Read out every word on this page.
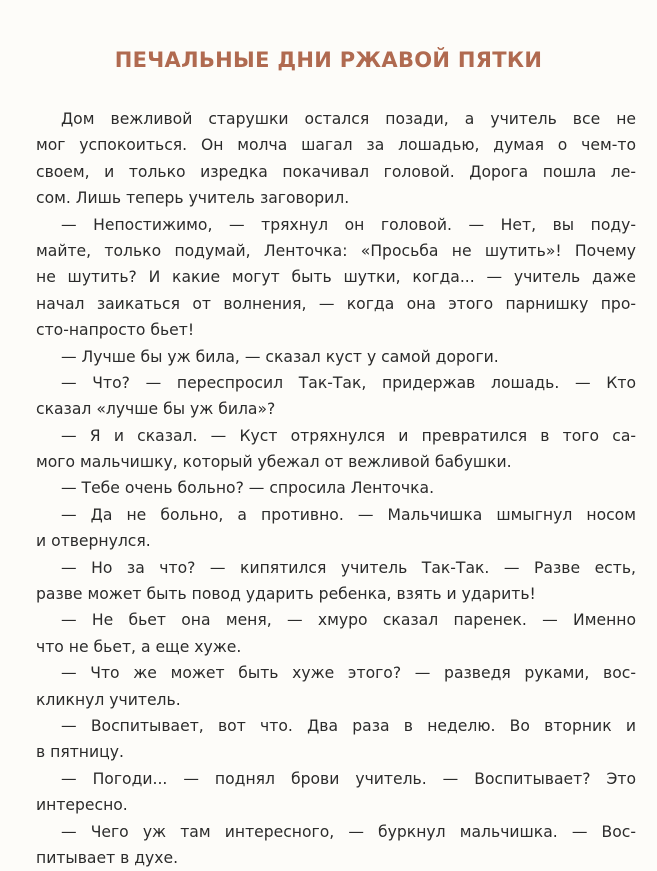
ПЕЧАЛЬНЫЕ ДНИ РЖАВОЙ ПЯТКИ

Дом вежливой старушки остался позади, а учитель все не
мог успокоиться. Он молча шагал за лошадью, думая о чем-то
своем, и только изредка покачивал головой. Дорога пошла ле-
сом. Лишь теперь учитель заговорил.

— Непостижимо, — тряхнул он головой. — Нет, вы поду-
майте, только подумай, Ленточка: «Просьба не шутить»! Почему
не шутить? И какие могут быть шутки, когда... — учитель даже
начал заикаться от волнения, — когда она этого парнишку про-
сто-напросто бьет!

— Лучше бы уж била, — сказал куст у самой дороги.

— Что? — переспросил Так-Так, придержав лошадь. — Кто
сказал «лучше бы уж била»?

— Я и сказал. — Куст отряхнулся и превратился в того са-
мого мальчишку, который убежал от вежливой бабушки.

— Тебе очень больно? — спросила Ленточка.

— Да не больно, а противно. — Мальчишка шмыгнул носом
и отвернулся.

— Но за что? — кипятился учитель Так-Так. — Разве есть,
разве может быть повод ударить ребенка, взять и ударить!

— Не бьет она меня, — хмуро сказал паренек. — Именно
что не бьет, а еще хуже.

— Что же может быть хуже этого? — разведя руками, вос-
кликнул учитель.

— Воспитывает, вот что. Два раза в неделю. Во вторник и
в пятницу.

— Погоди... — поднял брови учитель. — Воспитывает? Это
интересно.

— Чего уж там интересного, — буркнул мальчишка. — Вос-
питывает в духе.
